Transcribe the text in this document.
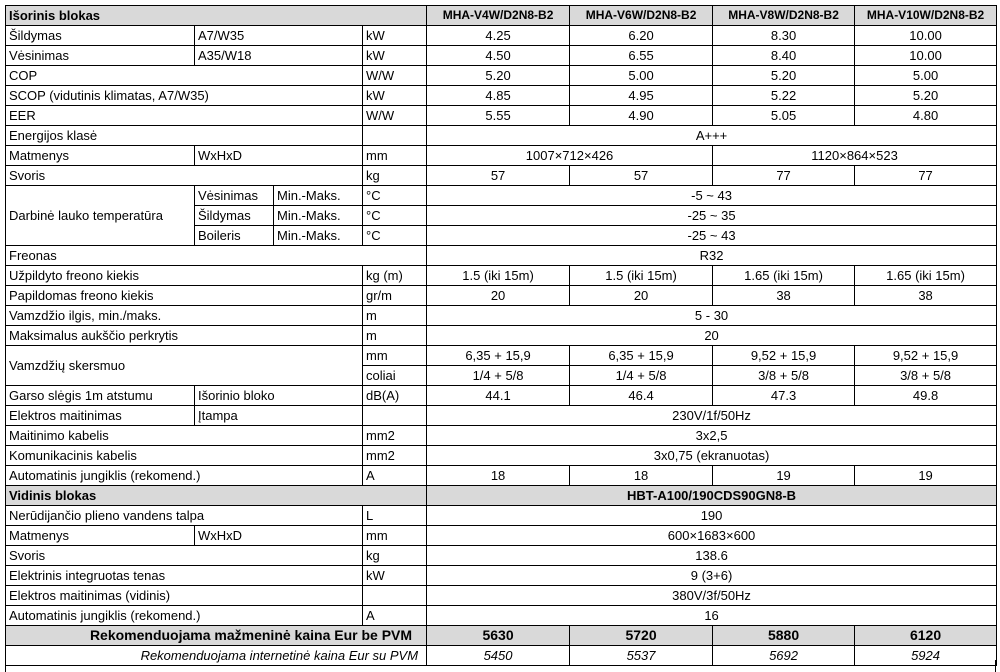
Išorinis blokas				MHA-V4W/D2N8-B2	MHA-V6W/D2N8-B2	MHA-V8W/D2N8-B2	MHA-V10W/D2N8-B2
Šildymas	A7/W35		kW	4.25	6.20	8.30	10.00
Vėsinimas	A35/W18		kW	4.50	6.55	8.40	10.00
COP			W/W	5.20	5.00	5.20	5.00
SCOP (vidutinis klimatas, A7/W35)			kW	4.85	4.95	5.22	5.20
EER			W/W	5.55	4.90	5.05	4.80
Energijos klasė				A+++			
Matmenys	WxHxD		mm	1007×712×426		1120×864×523	
Svoris			kg	57	57	77	77
Darbinė lauko temperatūra	Vėsinimas	Min.-Maks.	°C	-5 ~ 43			
	Šildymas	Min.-Maks.	°C	-25 ~ 35			
	Boileris	Min.-Maks.	°C	-25 ~ 43			
Freonas				R32			
Užpildyto freono kiekis			kg (m)	1.5 (iki 15m)	1.5 (iki 15m)	1.65 (iki 15m)	1.65 (iki 15m)
Papildomas freono kiekis			gr/m	20	20	38	38
Vamzdžio ilgis, min./maks.			m	5 - 30			
Maksimalus aukščio perkrytis			m	20			
Vamzdžių skersmuo			mm	6,35 + 15,9	6,35 + 15,9	9,52 + 15,9	9,52 + 15,9
			coliai	1/4 + 5/8	1/4 + 5/8	3/8 + 5/8	3/8 + 5/8
Garso slėgis 1m atstumu	Išorinio bloko		dB(A)	44.1	46.4	47.3	49.8
Elektros maitinimas	Įtampa			230V/1f/50Hz			
Maitinimo kabelis			mm2	3x2,5			
Komunikacinis kabelis			mm2	3x0,75 (ekranuotas)			
Automatinis jungiklis (rekomend.)			A	18	18	19	19
Vidinis blokas				HBT-A100/190CDS90GN8-B			
Nerūdijančio plieno vandens talpa			L	190			
Matmenys	WxHxD		mm	600×1683×600			
Svoris			kg	138.6			
Elektrinis integruotas tenas			kW	9 (3+6)			
Elektros maitinimas (vidinis)				380V/3f/50Hz			
Automatinis jungiklis (rekomend.)			A	16			
Rekomenduojama mažmeninė kaina Eur be PVM				5630	5720	5880	6120
Rekomenduojama internetinė kaina Eur su PVM				5450	5537	5692	5924
